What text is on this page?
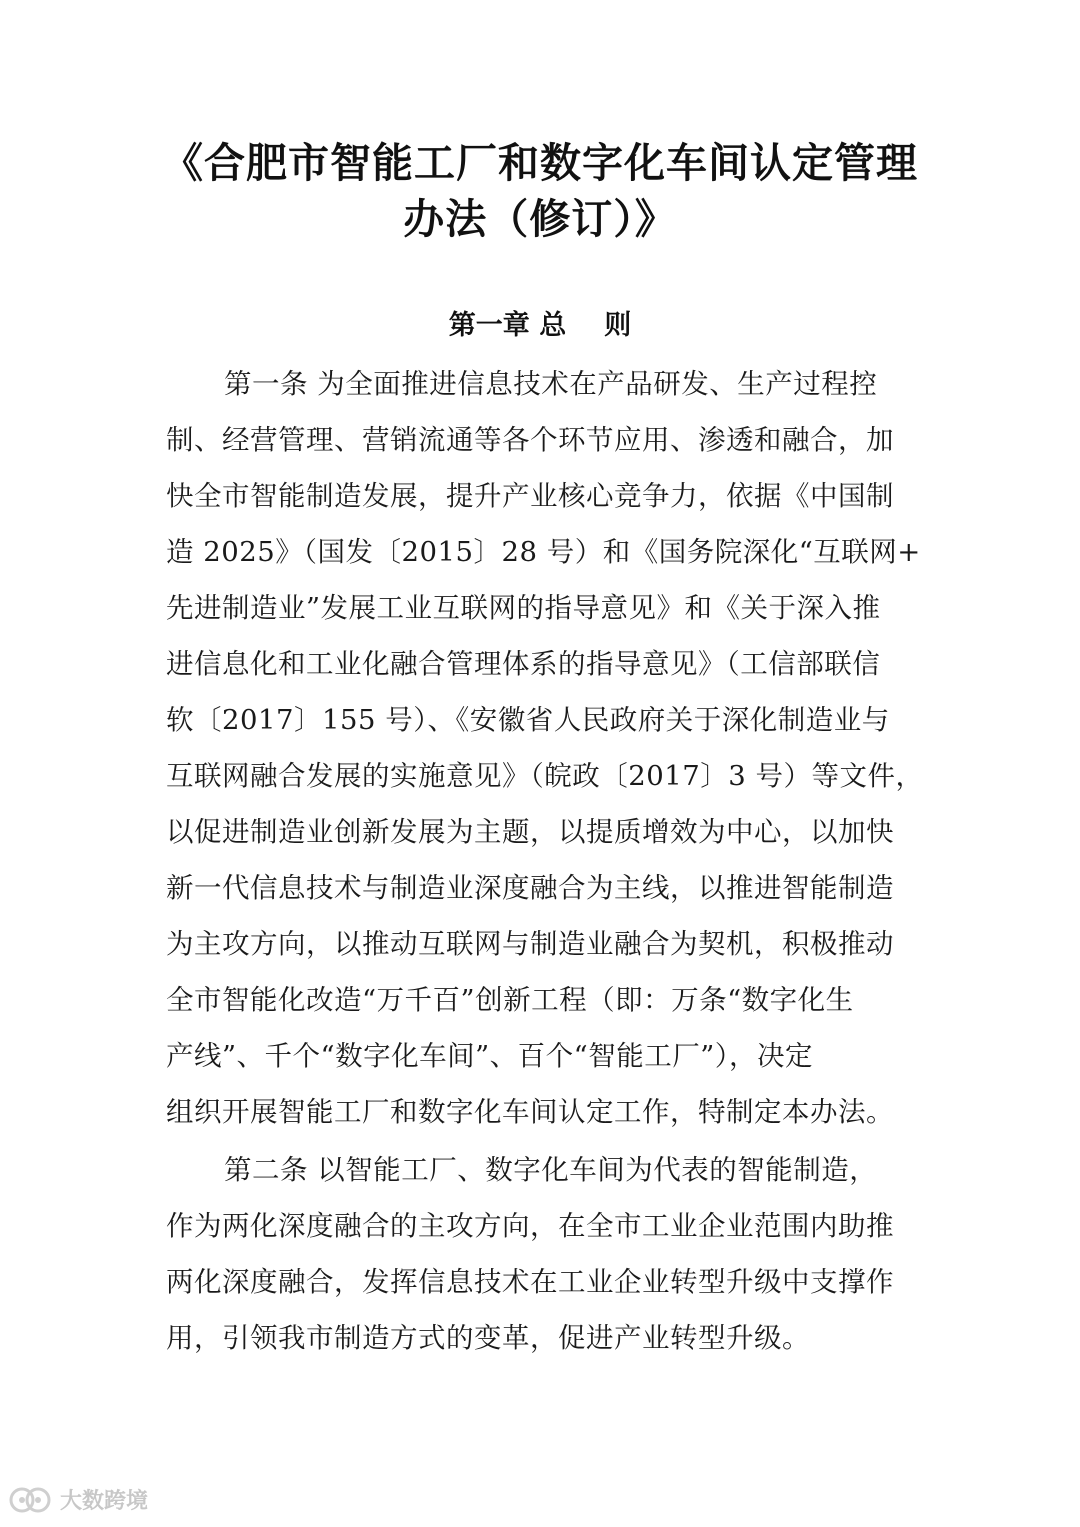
《合肥市智能工厂和数字化车间认定管理
办法（修订）》
第一章 总 则
第一条 为全面推进信息技术在产品研发、生产过程控
制、经营管理、营销流通等各个环节应用、渗透和融合，加
快全市智能制造发展，提升产业核心竞争力，依据《中国制
造 2025》（国发〔2015〕28 号）和《国务院深化“互联网+
先进制造业”发展工业互联网的指导意见》和《关于深入推
进信息化和工业化融合管理体系的指导意见》（工信部联信
软〔2017〕155 号）、《安徽省人民政府关于深化制造业与
互联网融合发展的实施意见》（皖政〔2017〕3 号）等文件，
以促进制造业创新发展为主题，以提质增效为中心，以加快
新一代信息技术与制造业深度融合为主线，以推进智能制造
为主攻方向，以推动互联网与制造业融合为契机，积极推动
全市智能化改造“万千百”创新工程（即：万条“数字化生
产线”、千个“数字化车间”、百个“智能工厂”），决定
组织开展智能工厂和数字化车间认定工作，特制定本办法。
第二条 以智能工厂、数字化车间为代表的智能制造，
作为两化深度融合的主攻方向，在全市工业企业范围内助推
两化深度融合，发挥信息技术在工业企业转型升级中支撑作
用，引领我市制造方式的变革，促进产业转型升级。
大数跨境
